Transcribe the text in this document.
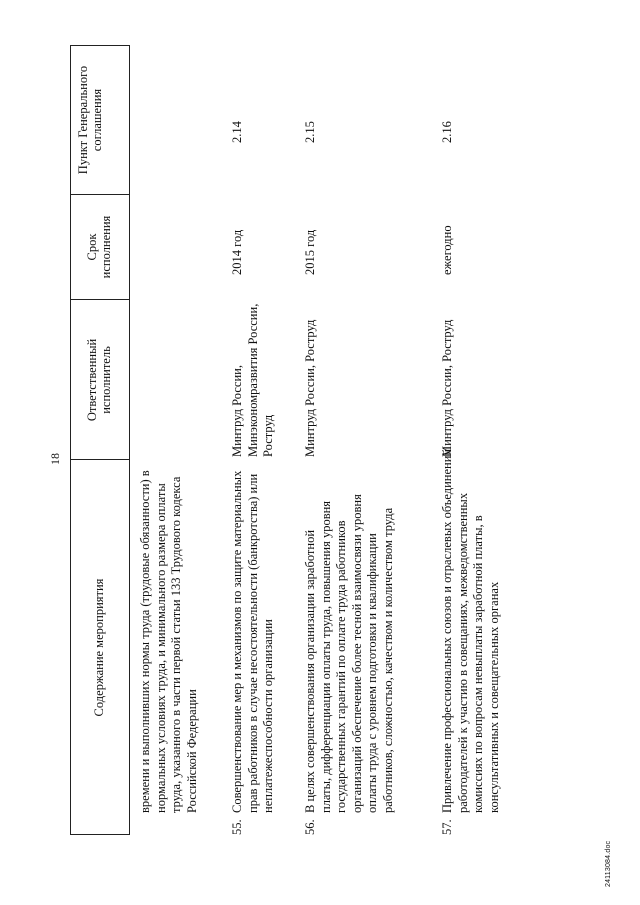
18
Содержание мероприятия
Ответственный исполнитель
Срок исполнения
Пункт Генерального соглашения
времени и выполнивших нормы труда (трудовые обязанности) в нормальных условиях труда, и минимального размера оплаты труда, указанного в части первой статьи 133 Трудового кодекса Российской Федерации
55.
Совершенствование мер и механизмов по защите материальных прав работников в случае несостоятельности (банкротства) или неплатежеспособности организации
Минтруд России, Минэкономразвития России, Роструд
2014 год
2.14
56.
В целях совершенствования организации заработной платы, дифференциации оплаты труда, повышения уровня государственных гарантий по оплате труда работников организаций обеспечение более тесной взаимосвязи уровня оплаты труда с уровнем подготовки и квалификации работников, сложностью, качеством и количеством труда
Минтруд России, Роструд
2015 год
2.15
57.
Привлечение профессиональных союзов и отраслевых объединений работодателей к участию в совещаниях, межведомственных комиссиях по вопросам невыплаты заработной платы, в консультативных и совещательных органах
Минтруд России, Роструд
ежегодно
2.16
24113084.doc
